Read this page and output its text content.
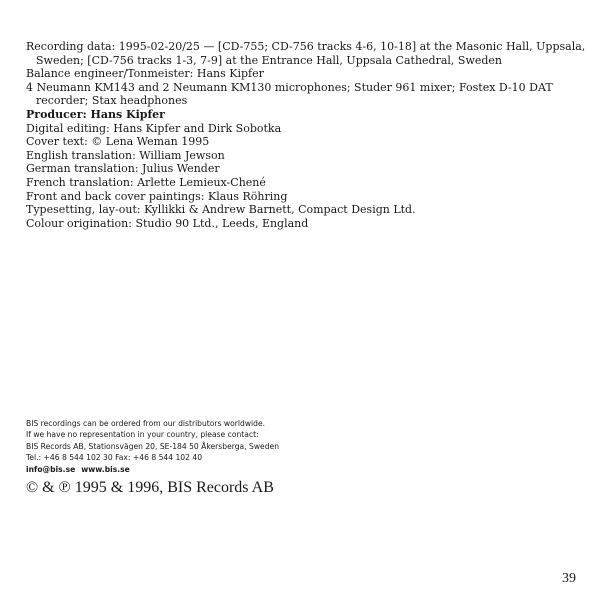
Recording data: 1995-02-20/25 — [CD-755; CD-756 tracks 4-6, 10-18] at the Masonic Hall, Uppsala, Sweden; [CD-756 tracks 1-3, 7-9] at the Entrance Hall, Uppsala Cathedral, Sweden

Balance engineer/Tonmeister: Hans Kipfer

4 Neumann KM143 and 2 Neumann KM130 microphones; Studer 961 mixer; Fostex D-10 DAT recorder; Stax headphones

Producer: Hans Kipfer

Digital editing: Hans Kipfer and Dirk Sobotka

Cover text: © Lena Weman 1995

English translation: William Jewson

German translation: Julius Wender

French translation: Arlette Lemieux-Chené

Front and back cover paintings: Klaus Röhring

Typesetting, lay-out: Kyllikki & Andrew Barnett, Compact Design Ltd.

Colour origination: Studio 90 Ltd., Leeds, England

BIS recordings can be ordered from our distributors worldwide.

If we have no representation in your country, please contact:

BIS Records AB, Stationsvägen 20, SE-184 50 Åkersberga, Sweden

Tel.: +46 8 544 102 30 Fax: +46 8 544 102 40

info@bis.se www.bis.se

© & ℗ 1995 & 1996, BIS Records AB
39
